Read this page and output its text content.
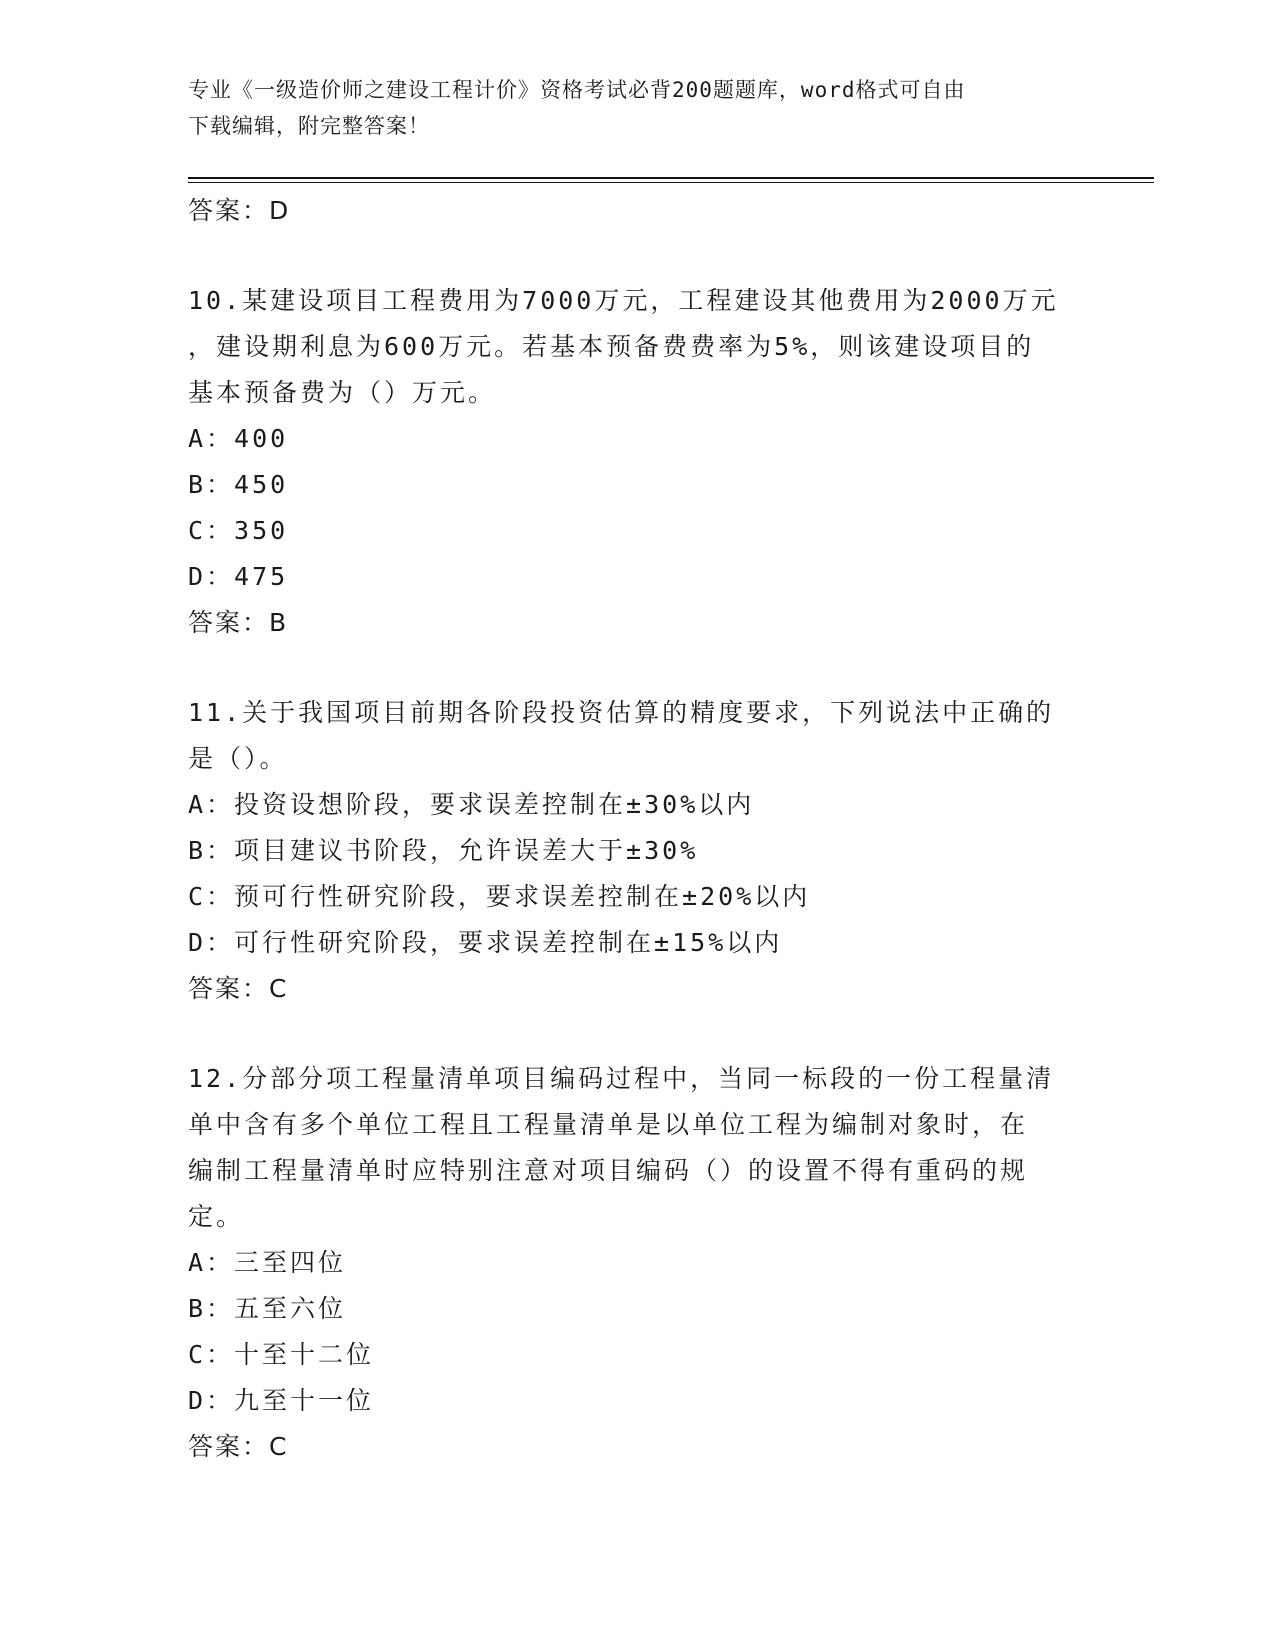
专业《一级造价师之建设工程计价》资格考试必背200题题库，word格式可自由
下载编辑，附完整答案！
答案：D
10.某建设项目工程费用为7000万元，工程建设其他费用为2000万元
，建设期利息为600万元。若基本预备费费率为5%，则该建设项目的
基本预备费为（）万元。
A：400
B：450
C：350
D：475
答案：B
11.关于我国项目前期各阶段投资估算的精度要求，下列说法中正确的
是（）。
A：投资设想阶段，要求误差控制在±30%以内
B：项目建议书阶段，允许误差大于±30%
C：预可行性研究阶段，要求误差控制在±20%以内
D：可行性研究阶段，要求误差控制在±15%以内
答案：C
12.分部分项工程量清单项目编码过程中，当同一标段的一份工程量清
单中含有多个单位工程且工程量清单是以单位工程为编制对象时，在
编制工程量清单时应特别注意对项目编码（）的设置不得有重码的规
定。
A：三至四位
B：五至六位
C：十至十二位
D：九至十一位
答案：C
